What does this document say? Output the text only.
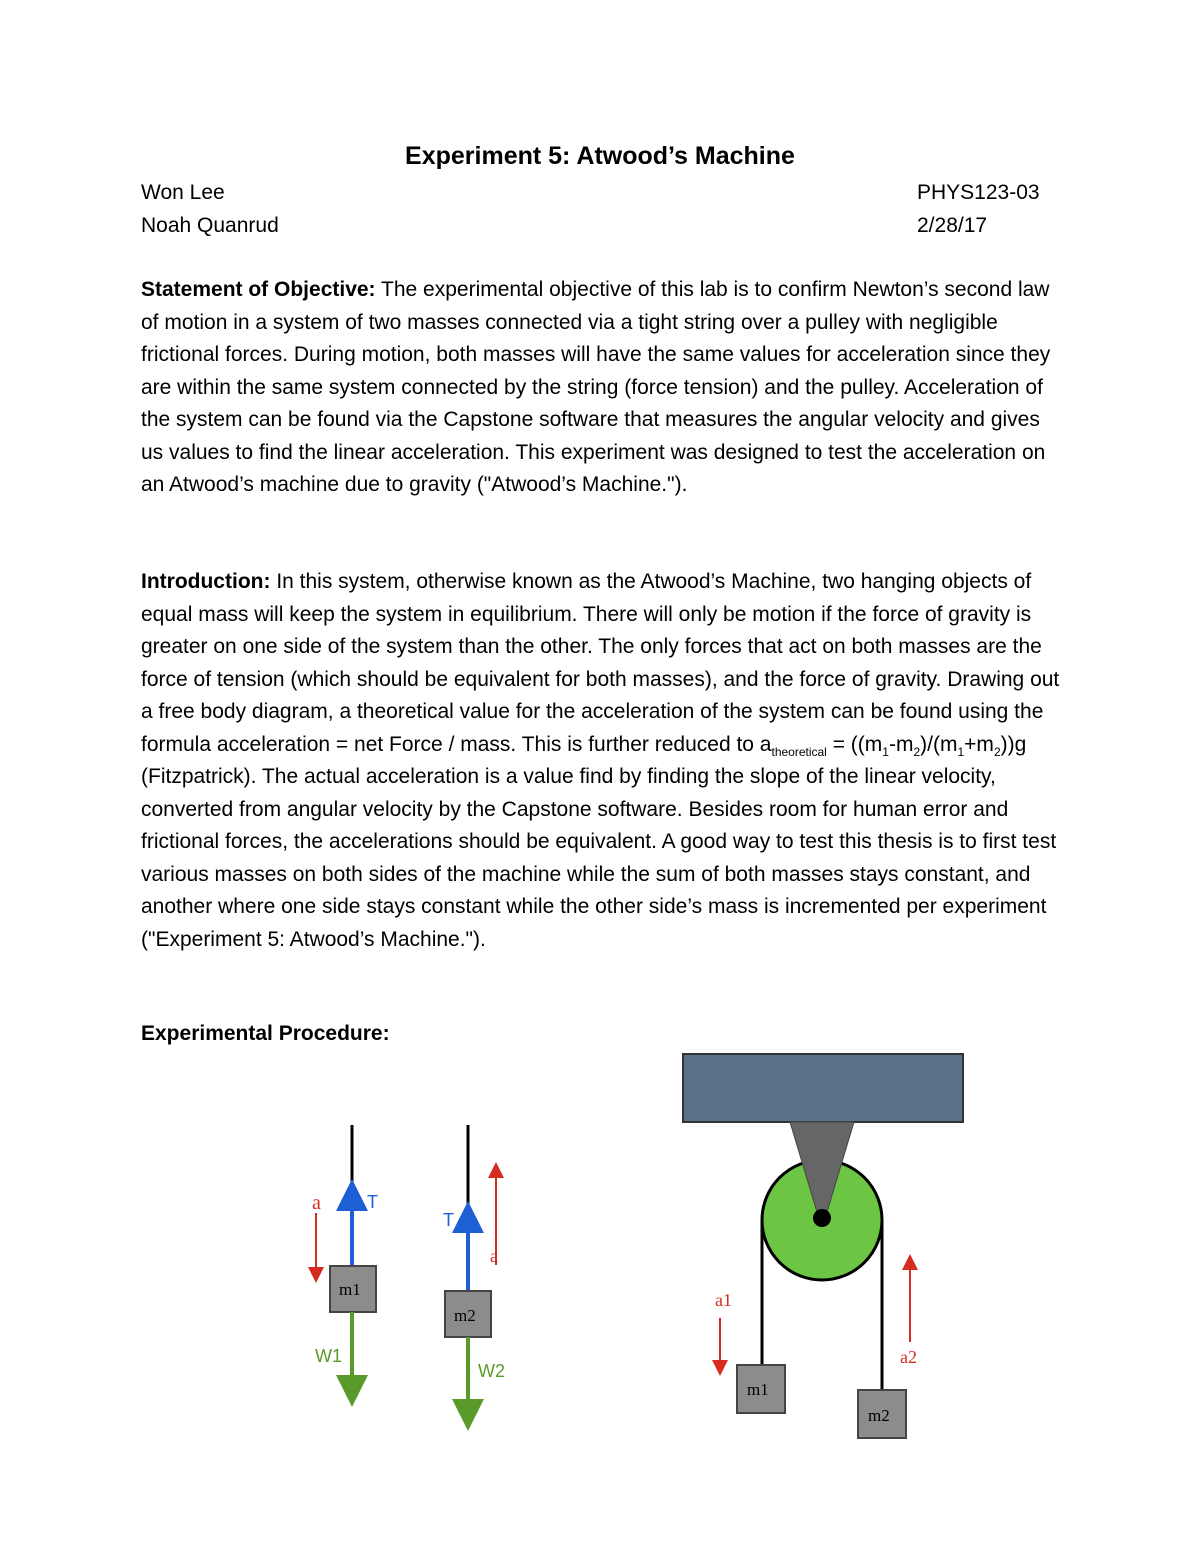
Experiment 5: Atwood’s Machine
Won Lee
Noah Quanrud
PHYS123-03
2/28/17
Statement of Objective: The experimental objective of this lab is to confirm Newton’s second law of motion in a system of two masses connected via a tight string over a pulley with negligible frictional forces. During motion, both masses will have the same values for acceleration since they are within the same system connected by the string (force tension) and the pulley. Acceleration of the system can be found via the Capstone software that measures the angular velocity and gives us values to find the linear acceleration. This experiment was designed to test the acceleration on an Atwood’s machine due to gravity ("Atwood’s Machine.").
Introduction: In this system, otherwise known as the Atwood’s Machine, two hanging objects of equal mass will keep the system in equilibrium. There will only be motion if the force of gravity is greater on one side of the system than the other. The only forces that act on both masses are the force of tension (which should be equivalent for both masses), and the force of gravity. Drawing out a free body diagram, a theoretical value for the acceleration of the system can be found using the formula acceleration = net Force / mass. This is further reduced to $a_{theoretical} = ((m_1-m_2)/(m_1+m_2))g$ (Fitzpatrick). The actual acceleration is a value find by finding the slope of the linear velocity, converted from angular velocity by the Capstone software. Besides room for human error and frictional forces, the accelerations should be equivalent. A good way to test this thesis is to first test various masses on both sides of the machine while the sum of both masses stays constant, and another where one side stays constant while the other side’s mass is incremented per experiment ("Experiment 5: Atwood’s Machine.").
Experimental Procedure:
a	T
m1
W1
a
T
m2
W2
m1
m2
a1
a2
